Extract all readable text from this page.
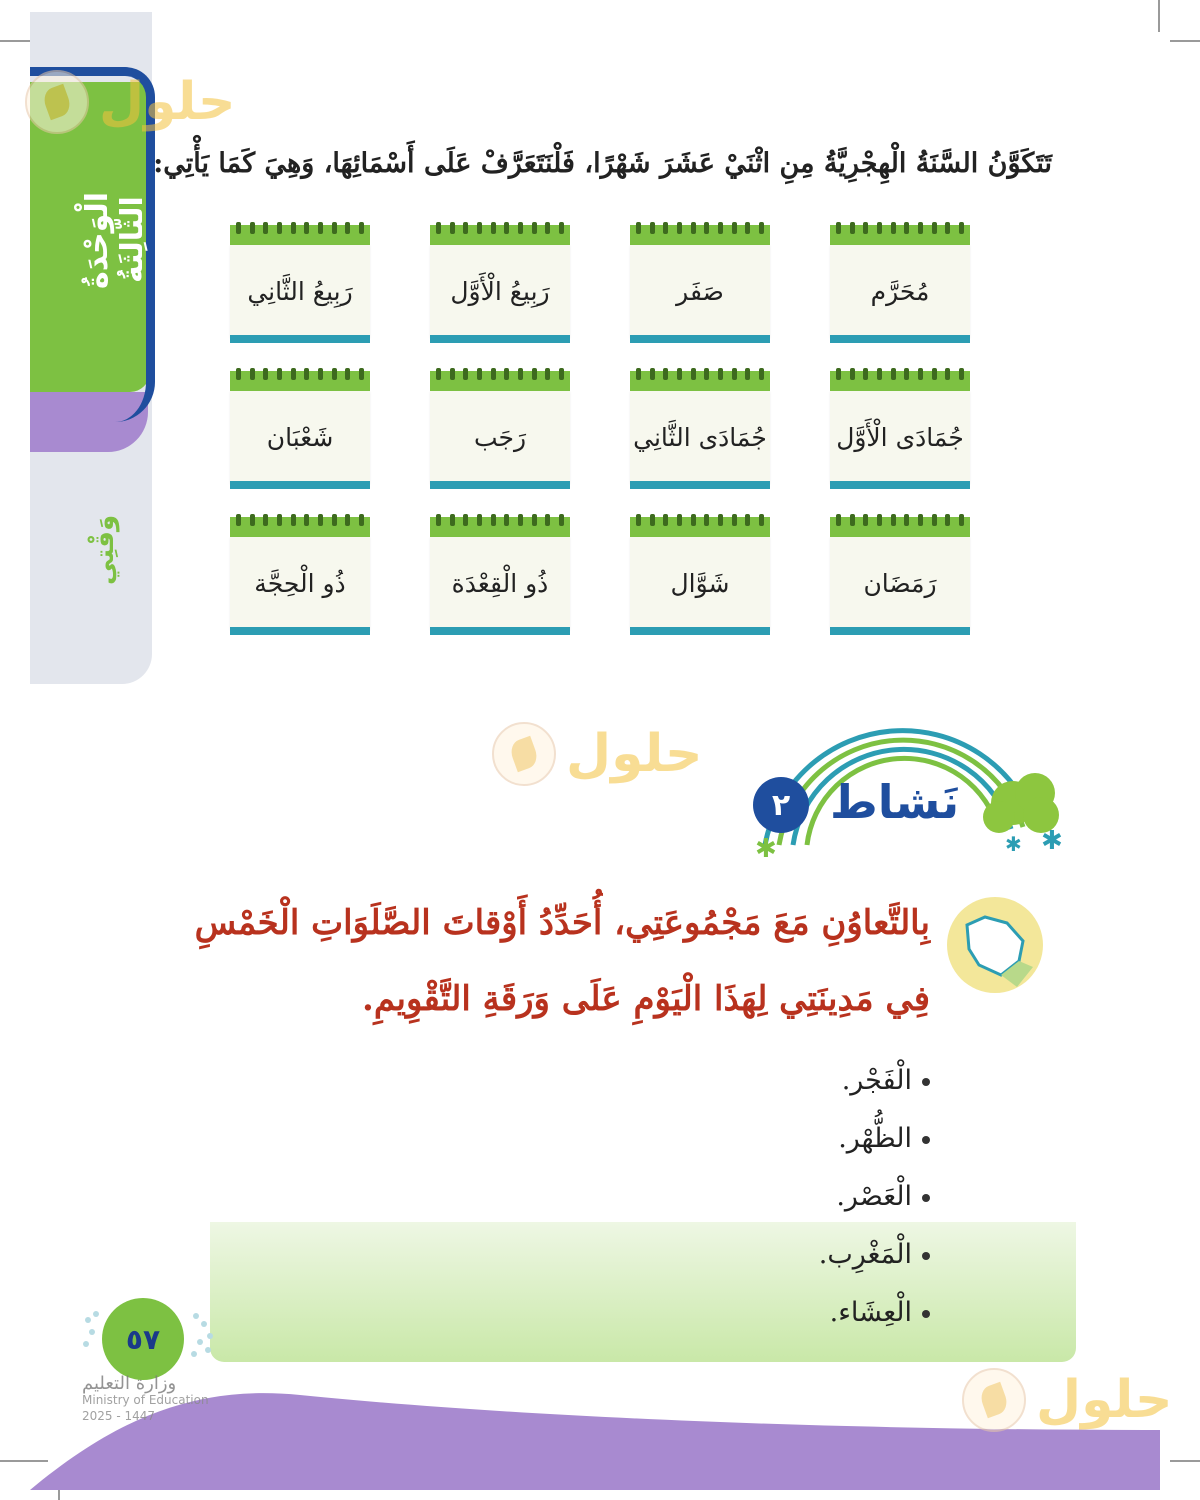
الْوَحْدَةُ الثَّالِثَةُ
وَقْتِي
حلول
تَتَكَوَّنُ السَّنَةُ الْهِجْرِيَّةُ مِنِ اثْنَيْ عَشَرَ شَهْرًا، فَلْنَتَعَرَّفْ عَلَى أَسْمَائِهَا، وَهِيَ كَمَا يَأْتِي:
مُحَرَّم
صَفَر
رَبِيعُ الْأَوَّل
رَبِيعُ الثَّانِي
جُمَادَى الْأَوَّل
جُمَادَى الثَّانِي
رَجَب
شَعْبَان
رَمَضَان
شَوَّال
ذُو الْقِعْدَة
ذُو الْحِجَّة
حلول
✱
✱
✱
نَشاط
٢
بِالتَّعاوُنِ مَعَ مَجْمُوعَتِي، أُحَدِّدُ أَوْقاتَ الصَّلَوَاتِ الْخَمْسِ فِي مَدِينَتِي لِهَذَا الْيَوْمِ عَلَى وَرَقَةِ التَّقْوِيمِ.
الْفَجْر.
الظُّهْر.
الْعَصْر.
الْمَغْرِب.
الْعِشَاء.
حلول
٥٧
وزارة التعليم
Ministry of Education
2025 - 1447
